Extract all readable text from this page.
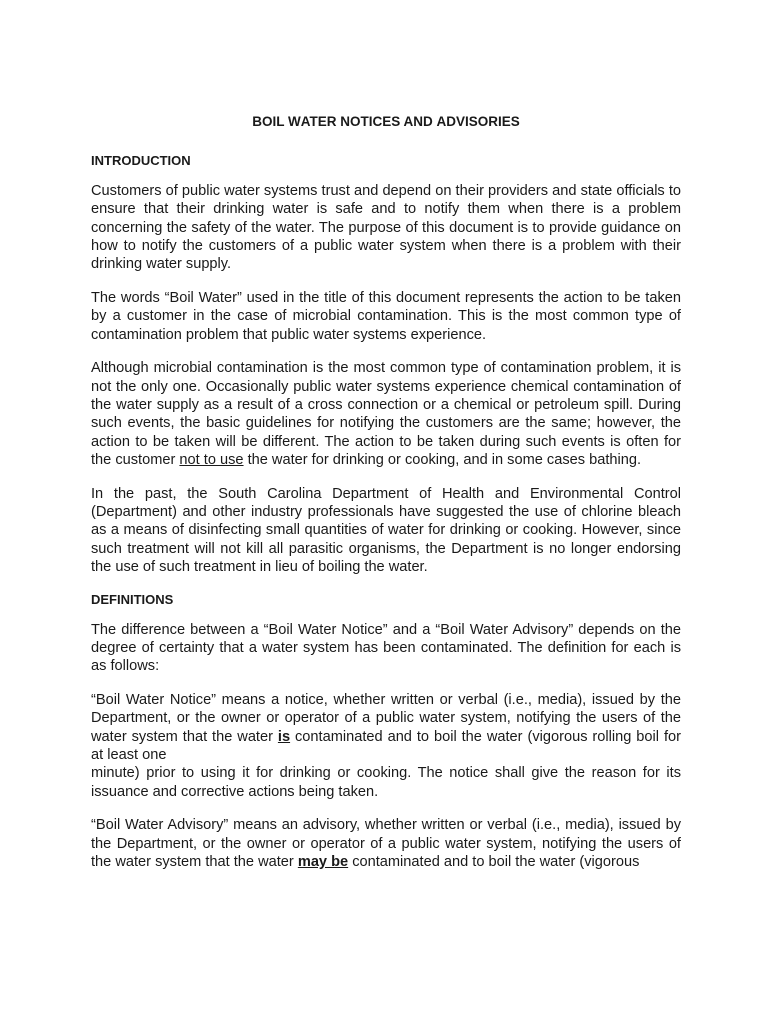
BOIL WATER NOTICES AND ADVISORIES
INTRODUCTION

Customers of public water systems trust and depend on their providers and state officials to ensure that their drinking water is safe and to notify them when there is a problem concerning the safety of the water. The purpose of this document is to provide guidance on how to notify the customers of a public water system when there is a problem with their drinking water supply.

The words “Boil Water” used in the title of this document represents the action to be taken by a customer in the case of microbial contamination. This is the most common type of contamination problem that public water systems experience.

Although microbial contamination is the most common type of contamination problem, it is not the only one. Occasionally public water systems experience chemical contamination of the water supply as a result of a cross connection or a chemical or petroleum spill. During such events, the basic guidelines for notifying the customers are the same; however, the action to be taken will be different. The action to be taken during such events is often for the customer not to use the water for drinking or cooking, and in some cases bathing.

In the past, the South Carolina Department of Health and Environmental Control (Department) and other industry professionals have suggested the use of chlorine bleach as a means of disinfecting small quantities of water for drinking or cooking. However, since such treatment will not kill all parasitic organisms, the Department is no longer endorsing the use of such treatment in lieu of boiling the water.

DEFINITIONS

The difference between a “Boil Water Notice” and a “Boil Water Advisory” depends on the degree of certainty that a water system has been contaminated. The definition for each is as follows:

“Boil Water Notice” means a notice, whether written or verbal (i.e., media), issued by the Department, or the owner or operator of a public water system, notifying the users of the water system that the water is contaminated and to boil the water (vigorous rolling boil for at least one
minute) prior to using it for drinking or cooking. The notice shall give the reason for its issuance and corrective actions being taken.

“Boil Water Advisory” means an advisory, whether written or verbal (i.e., media), issued by the Department, or the owner or operator of a public water system, notifying the users of the water system that the water may be contaminated and to boil the water (vigorous
